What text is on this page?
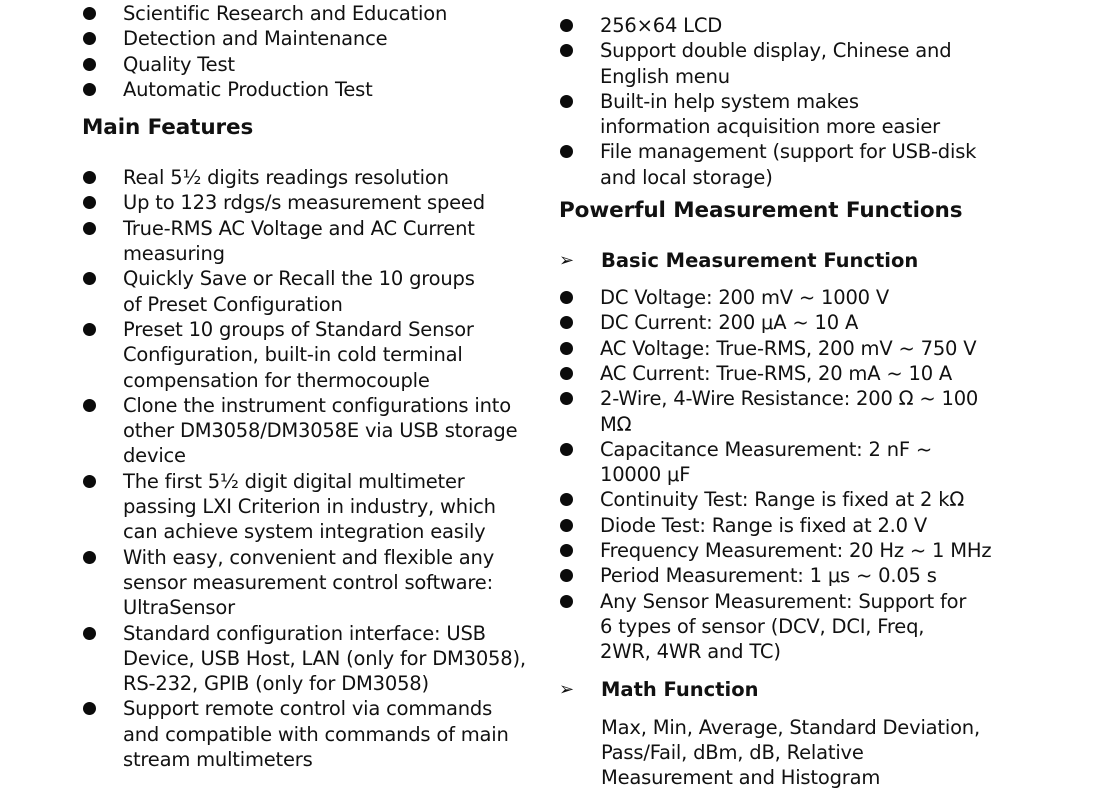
Scientific Research and Education
Detection and Maintenance
Quality Test
Automatic Production Test
Main Features
Real 5½ digits readings resolution
Up to 123 rdgs/s measurement speed
True-RMS AC Voltage and AC Current measuring
Quickly Save or Recall the 10 groups of Preset Configuration
Preset 10 groups of Standard Sensor Configuration, built-in cold terminal compensation for thermocouple
Clone the instrument configurations into other DM3058/DM3058E via USB storage device
The first 5½ digit digital multimeter passing LXI Criterion in industry, which can achieve system integration easily
With easy, convenient and flexible any sensor measurement control software: UltraSensor
Standard configuration interface: USB Device, USB Host, LAN (only for DM3058), RS-232, GPIB (only for DM3058)
Support remote control via commands and compatible with commands of main stream multimeters
256×64 LCD
Support double display, Chinese and English menu
Built-in help system makes information acquisition more easier
File management (support for USB-disk and local storage)
Powerful Measurement Functions
➢ Basic Measurement Function
DC Voltage: 200 mV ~ 1000 V
DC Current: 200 μA ~ 10 A
AC Voltage: True-RMS, 200 mV ~ 750 V
AC Current: True-RMS, 20 mA ~ 10 A
2-Wire, 4-Wire Resistance: 200 Ω ~ 100 MΩ
Capacitance Measurement: 2 nF ~ 10000 μF
Continuity Test: Range is fixed at 2 kΩ
Diode Test: Range is fixed at 2.0 V
Frequency Measurement: 20 Hz ~ 1 MHz
Period Measurement: 1 μs ~ 0.05 s
Any Sensor Measurement: Support for 6 types of sensor (DCV, DCI, Freq, 2WR, 4WR and TC)
➢ Math Function
Max, Min, Average, Standard Deviation, Pass/Fail, dBm, dB, Relative Measurement and Histogram
